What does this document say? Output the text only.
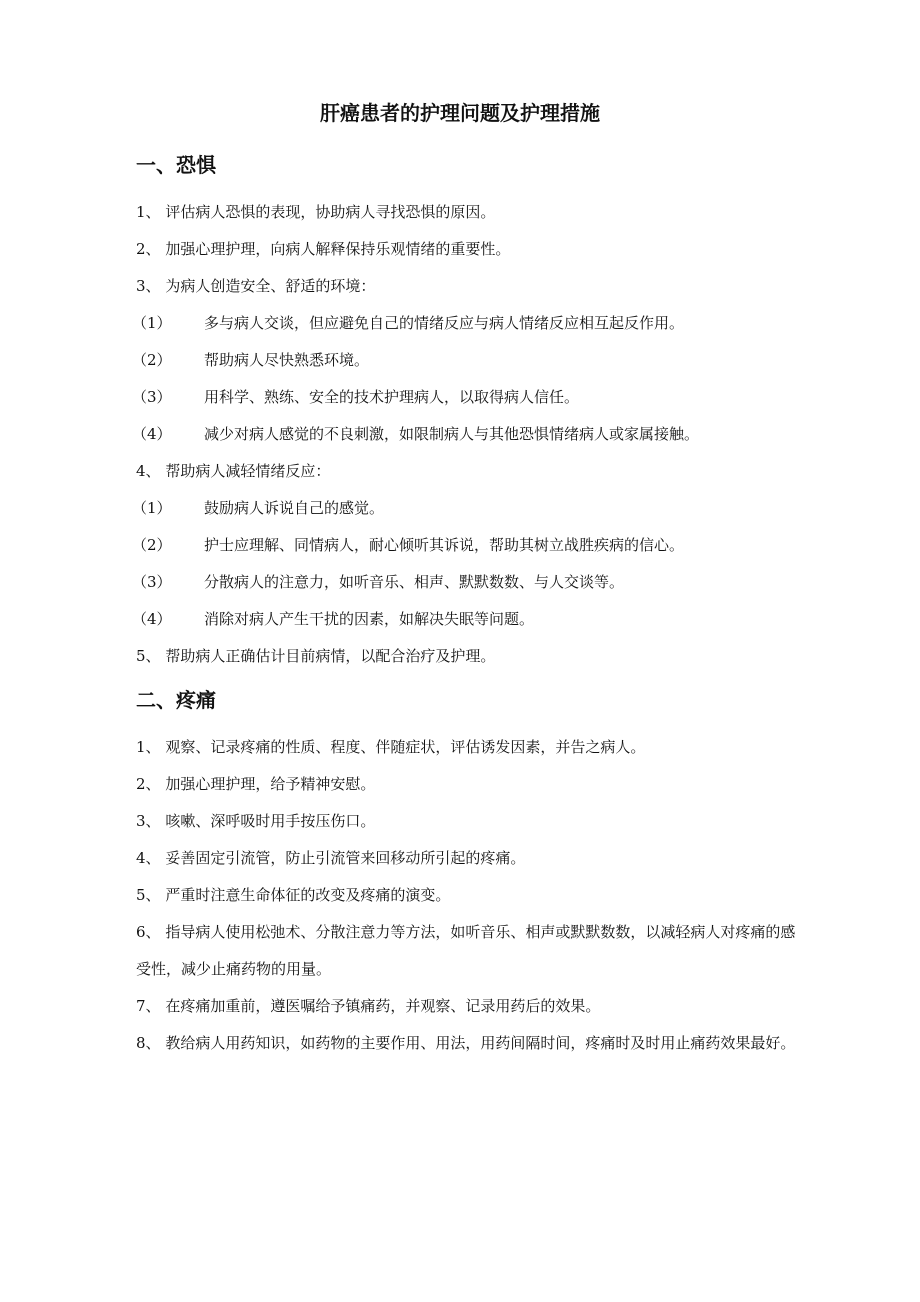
肝癌患者的护理问题及护理措施
一、恐惧

1、 评估病人恐惧的表现，协助病人寻找恐惧的原因。

2、 加强心理护理，向病人解释保持乐观情绪的重要性。

3、 为病人创造安全、舒适的环境：

（1）	多与病人交谈，但应避免自己的情绪反应与病人情绪反应相互起反作用。

（2）	帮助病人尽快熟悉环境。

（3）	用科学、熟练、安全的技术护理病人，以取得病人信任。

（4）	减少对病人感觉的不良刺激，如限制病人与其他恐惧情绪病人或家属接触。

4、 帮助病人减轻情绪反应：

（1）	鼓励病人诉说自己的感觉。

（2）	护士应理解、同情病人，耐心倾听其诉说，帮助其树立战胜疾病的信心。

（3）	分散病人的注意力，如听音乐、相声、默默数数、与人交谈等。

（4）	消除对病人产生干扰的因素，如解决失眠等问题。

5、 帮助病人正确估计目前病情，以配合治疗及护理。

二、疼痛

1、 观察、记录疼痛的性质、程度、伴随症状，评估诱发因素，并告之病人。

2、 加强心理护理，给予精神安慰。

3、 咳嗽、深呼吸时用手按压伤口。

4、 妥善固定引流管，防止引流管来回移动所引起的疼痛。

5、 严重时注意生命体征的改变及疼痛的演变。

6、 指导病人使用松弛术、分散注意力等方法，如听音乐、相声或默默数数，以减轻病人对疼痛的感受性，减少止痛药物的用量。

7、 在疼痛加重前，遵医嘱给予镇痛药，并观察、记录用药后的效果。

8、 教给病人用药知识，如药物的主要作用、用法，用药间隔时间，疼痛时及时用止痛药效果最好。
